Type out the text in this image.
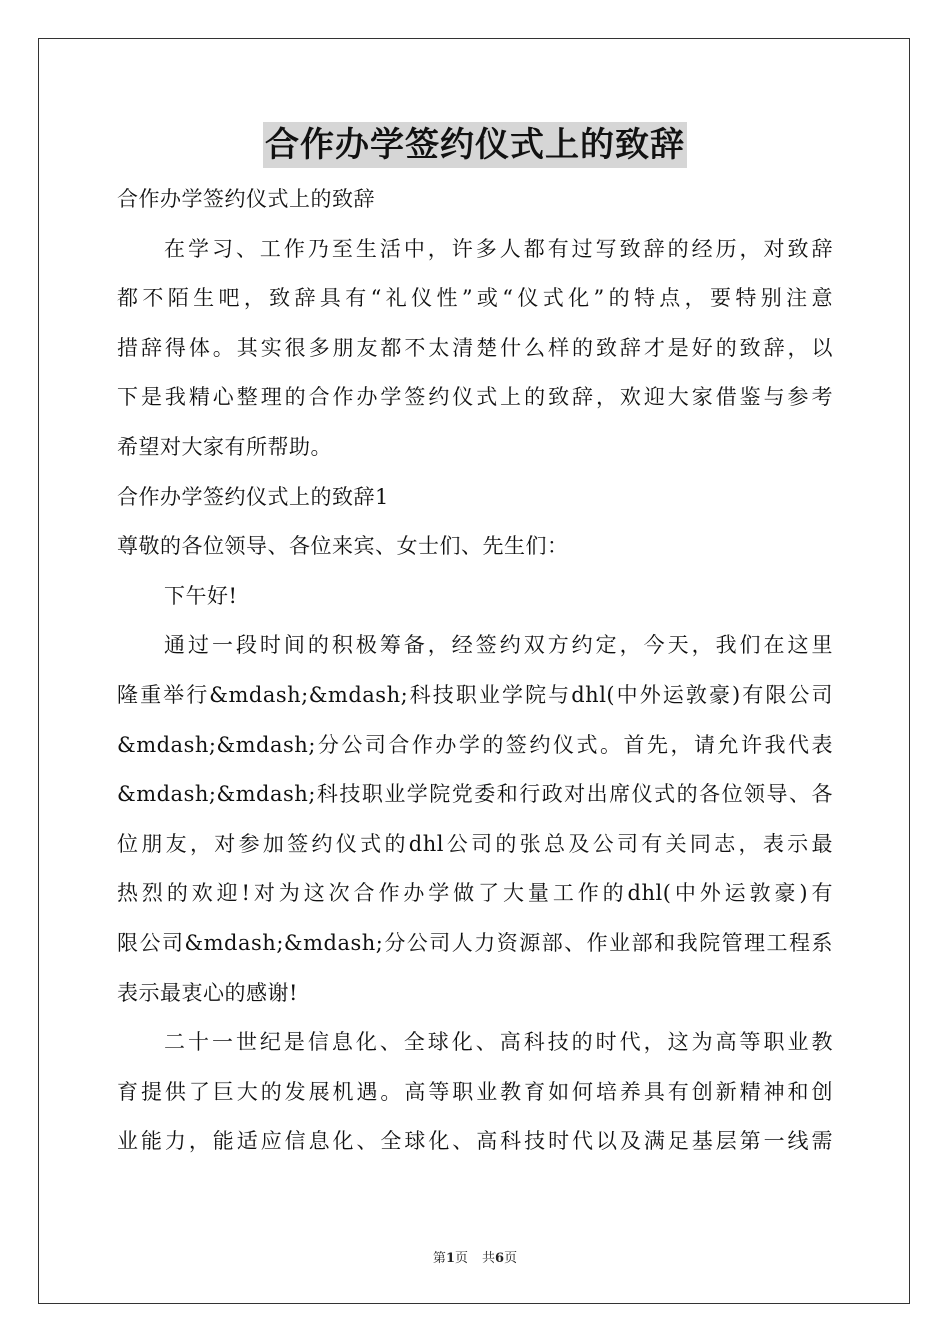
合作办学签约仪式上的致辞
合作办学签约仪式上的致辞
在学习、工作乃至生活中，许多人都有过写致辞的经历，对致辞
都不陌生吧，致辞具有“礼仪性”或“仪式化”的特点，要特别注意
措辞得体。其实很多朋友都不太清楚什么样的致辞才是好的致辞，以
下是我精心整理的合作办学签约仪式上的致辞，欢迎大家借鉴与参考
希望对大家有所帮助。
合作办学签约仪式上的致辞1
尊敬的各位领导、各位来宾、女士们、先生们：
下午好!
通过一段时间的积极筹备，经签约双方约定，今天，我们在这里
隆重举行&mdash;&mdash;科技职业学院与dhl(中外运敦豪)有限公司
&mdash;&mdash;分公司合作办学的签约仪式。首先，请允许我代表
&mdash;&mdash;科技职业学院党委和行政对出席仪式的各位领导、各
位朋友，对参加签约仪式的dhl公司的张总及公司有关同志，表示最
热烈的欢迎!对为这次合作办学做了大量工作的dhl(中外运敦豪)有
限公司&mdash;&mdash;分公司人力资源部、作业部和我院管理工程系
表示最衷心的感谢!
二十一世纪是信息化、全球化、高科技的时代，这为高等职业教
育提供了巨大的发展机遇。高等职业教育如何培养具有创新精神和创
业能力，能适应信息化、全球化、高科技时代以及满足基层第一线需
第1页 共6页
